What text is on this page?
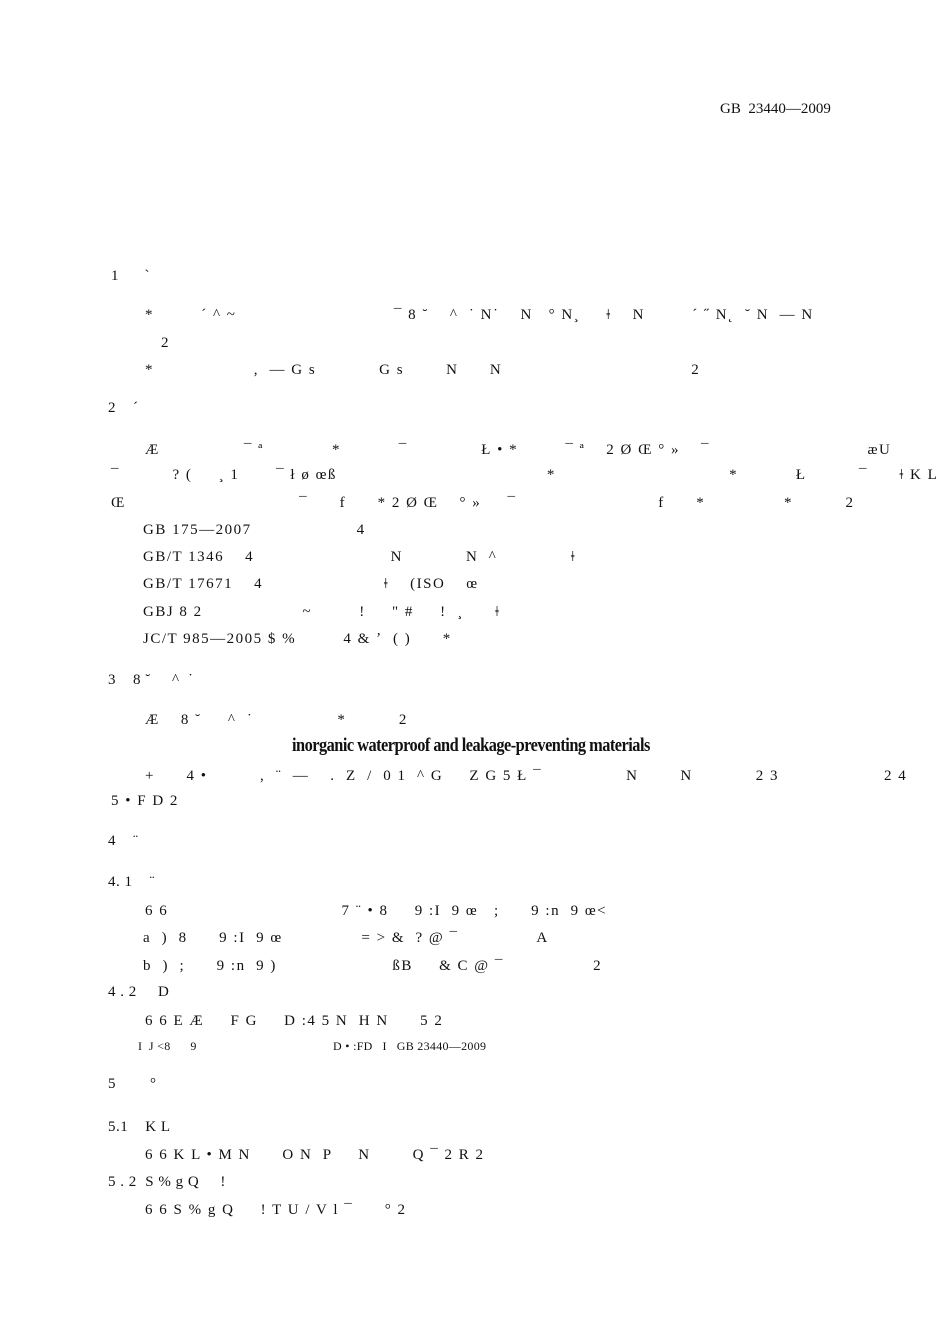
GB  23440—2009
1      `
*         ´ ^ ~                              ¯ 8 ˘    ^  ˙ N˙    N   ° N¸     ǂ    N         ´ ˝ N˛  ˘ N  — N
2
*                   ,  — G s            G s        N      N                                    2
2    ´
Æ                ¯ ª             *           ¯              Ł • *         ¯ ª    2 Ø Œ ° »    ¯                              æU
¯          ? (     ¸ 1       ¯ ł ø œß                                        *                                 *           Ł          ¯      ǂ K L
Œ                                 ¯      f      * 2 Ø Œ    ° »     ¯                           f      *               *          2
GB 175—2007                    4
GB/T 1346    4                          N            N  ^              ǂ
GB/T 17671    4                       ǂ    (ISO    œ
GBJ 8 2                   ~         !     " #     !  ¸      ǂ
JC/T 985—2005 $ %         4 & ʼ  ( )      *
3    8 ˘     ^  ˙
Æ    8 ˘     ^  ˙                *          2
inorganic waterproof and leakage-preventing materials
+      4 •          ,  ¨  —    .  Z  /  0 1  ^ G     Z G 5 Ł ¯                N        N            2 3                    2 4
5 • F D 2
4    ¨
4. 1    ¨
6 6                                 7 ¨ • 8     9 :I  9 œ   ;      9 :n  9 œ<
a  )  8      9 :I  9 œ               = > &  ? @ ¯               A
b  )  ;      9 :n  9 )                      ßB     & C @ ¯                 2
4 . 2     D
6 6 E Æ     F G     D :4 5 N  H N      5 2
I  J <8      9	D • :FD   I   GB 23440—2009
5        °
5.1    K L
6 6 K L • M N      O N  P     N        Q ¯ 2 R 2
5 . 2  S % g Q     !
6 6 S % g Q     ! T U / V l ¯      ° 2
